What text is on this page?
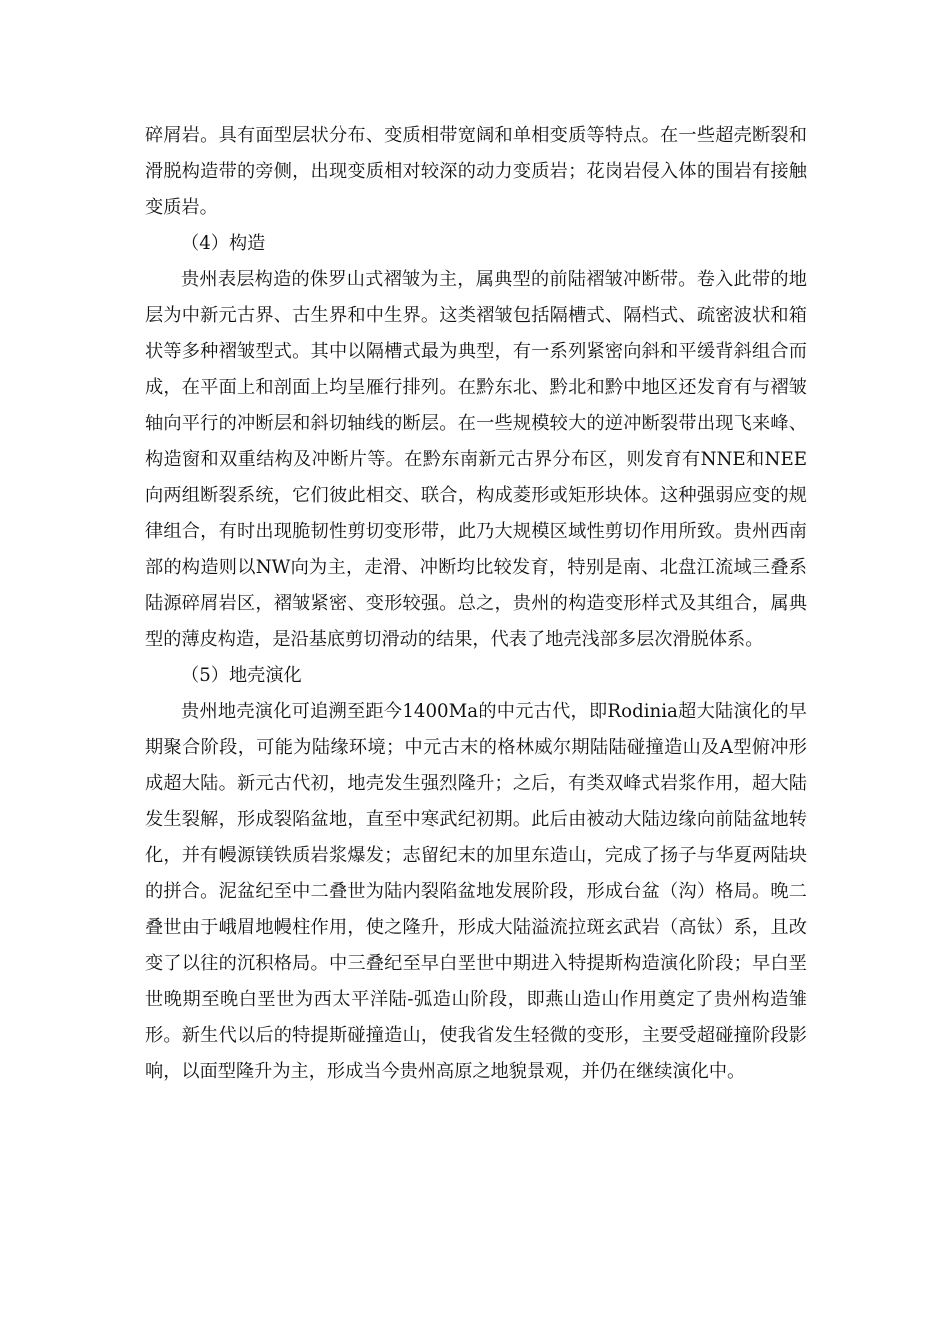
碎屑岩。具有面型层状分布、变质相带宽阔和单相变质等特点。在一些超壳断裂和滑脱构造带的旁侧，出现变质相对较深的动力变质岩；花岗岩侵入体的围岩有接触变质岩。

（4）构造

贵州表层构造的侏罗山式褶皱为主，属典型的前陆褶皱冲断带。卷入此带的地层为中新元古界、古生界和中生界。这类褶皱包括隔槽式、隔档式、疏密波状和箱状等多种褶皱型式。其中以隔槽式最为典型，有一系列紧密向斜和平缓背斜组合而成，在平面上和剖面上均呈雁行排列。在黔东北、黔北和黔中地区还发育有与褶皱轴向平行的冲断层和斜切轴线的断层。在一些规模较大的逆冲断裂带出现飞来峰、构造窗和双重结构及冲断片等。在黔东南新元古界分布区，则发育有NNE和NEE向两组断裂系统，它们彼此相交、联合，构成菱形或矩形块体。这种强弱应变的规律组合，有时出现脆韧性剪切变形带，此乃大规模区域性剪切作用所致。贵州西南部的构造则以NW向为主，走滑、冲断均比较发育，特别是南、北盘江流域三叠系陆源碎屑岩区，褶皱紧密、变形较强。总之，贵州的构造变形样式及其组合，属典型的薄皮构造，是沿基底剪切滑动的结果，代表了地壳浅部多层次滑脱体系。

（5）地壳演化

贵州地壳演化可追溯至距今1400Ma的中元古代，即Rodinia超大陆演化的早期聚合阶段，可能为陆缘环境；中元古末的格林威尔期陆陆碰撞造山及A型俯冲形成超大陆。新元古代初，地壳发生强烈隆升；之后，有类双峰式岩浆作用，超大陆发生裂解，形成裂陷盆地，直至中寒武纪初期。此后由被动大陆边缘向前陆盆地转化，并有幔源镁铁质岩浆爆发；志留纪末的加里东造山，完成了扬子与华夏两陆块的拼合。泥盆纪至中二叠世为陆内裂陷盆地发展阶段，形成台盆（沟）格局。晚二叠世由于峨眉地幔柱作用，使之隆升，形成大陆溢流拉斑玄武岩（高钛）系，且改变了以往的沉积格局。中三叠纪至早白垩世中期进入特提斯构造演化阶段；早白垩世晚期至晚白垩世为西太平洋陆-弧造山阶段，即燕山造山作用奠定了贵州构造雏形。新生代以后的特提斯碰撞造山，使我省发生轻微的变形，主要受超碰撞阶段影响，以面型隆升为主，形成当今贵州高原之地貌景观，并仍在继续演化中。
